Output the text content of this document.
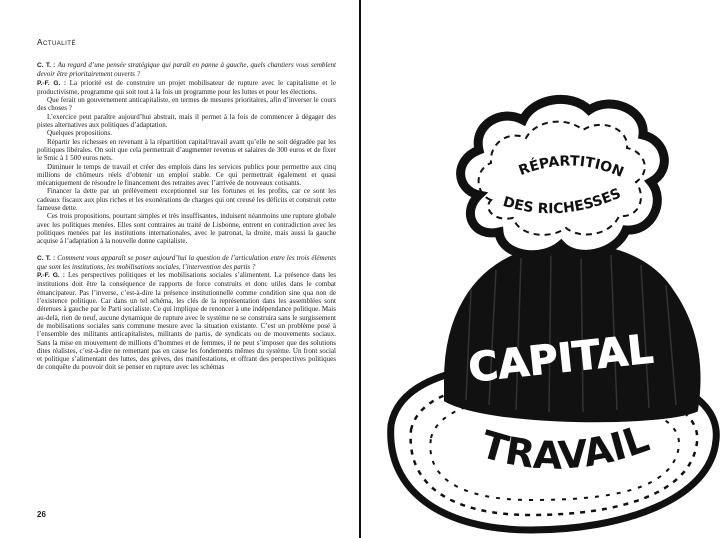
Actualité

C. T. : Au regard d’une pensée stratégique qui paraît en panne à gauche, quels chantiers vous semblent devoir être prioritairement ouverts ?

P.-F. G. : La priorité est de construire un projet mobilisateur de rupture avec le capitalisme et le productivisme, programme qui soit tout à la fois un programme pour les luttes et pour les élections.

Que ferait un gouvernement anticapitaliste, en termes de mesures prioritaires, afin d’inverser le cours des choses ?

L’exercice peut paraître aujourd’hui abstrait, mais il permet à la fois de commencer à dégager des pistes alternatives aux politiques d’adaptation.

Quelques propositions.

Répartir les richesses en revenant à la répartition capital/travail avant qu’elle ne soit dégradée par les politiques libérales. On soit que cela permettrait d’augmenter revenus et salaires de 300 euros et de fixer le Smic à 1 500 euros nets.

Diminuer le temps de travail et créer des emplois dans les services publics pour permettre aux cinq millions de chômeurs réels d’obtenir un emploi stable. Ce qui permettrait également et quasi mécaniquement de résoudre le financement des retraites avec l’arrivée de nouveaux cotisants.

Financer la dette par un prélèvement exceptionnel sur les fortunes et les profits, car ce sont les cadeaux fiscaux aux plus riches et les exonérations de charges qui ont creusé les déficits et construit cette fameuse dette.

Ces trois propositions, pourtant simples et très insuffisantes, induisent néanmoins une rupture globale avec les politiques menées. Elles sont contraires au traité de Lisbonne, entrent en contradiction avec les politiques menées par les institutions internationales, avec le patronat, la droite, mais aussi la gauche acquise à l’adaptation à la nouvelle donne capitaliste.

C. T. : Comment vous apparaît se poser aujourd’hui la question de l’articulation entre les trois éléments que sont les institutions, les mobilisations sociales, l’intervention des partis ?

P.-F. G. : Les perspectives politiques et les mobilisations sociales s’alimentent. La présence dans les institutions doit être la conséquence de rapports de force construits et donc utiles dans le combat émancipateur. Pas l’inverse, c’est-à-dire la présence institutionnelle comme condition sine qua non de l’existence politique. Car dans un tel schéma, les clés de la représentation dans les assemblées sont détenues à gauche par le Parti socialiste. Ce qui implique de renoncer à une indépendance politique. Mais au-delà, rien de neuf, aucune dynamique de rupture avec le système ne se construira sans le surgissement de mobilisations sociales sans commune mesure avec la situation existante. C’est un problème posé à l’ensemble des militants anticapitalistes, militants de partis, de syndicats ou de mouvements sociaux. Sans la mise en mouvement de millions d’hommes et de femmes, il ne peut s’imposer que des solutions dites réalistes, c’est-à-dire ne remettant pas en cause les fondements mêmes du système. Un front social et politique s’alimentant des luttes, des grèves, des manifestations, et offrant des perspectives politiques de conquête du pouvoir doit se penser en rupture avec les schémas

26
RÉPARTITION
DES RICHESSES
CAPITAL
TRAVAIL
